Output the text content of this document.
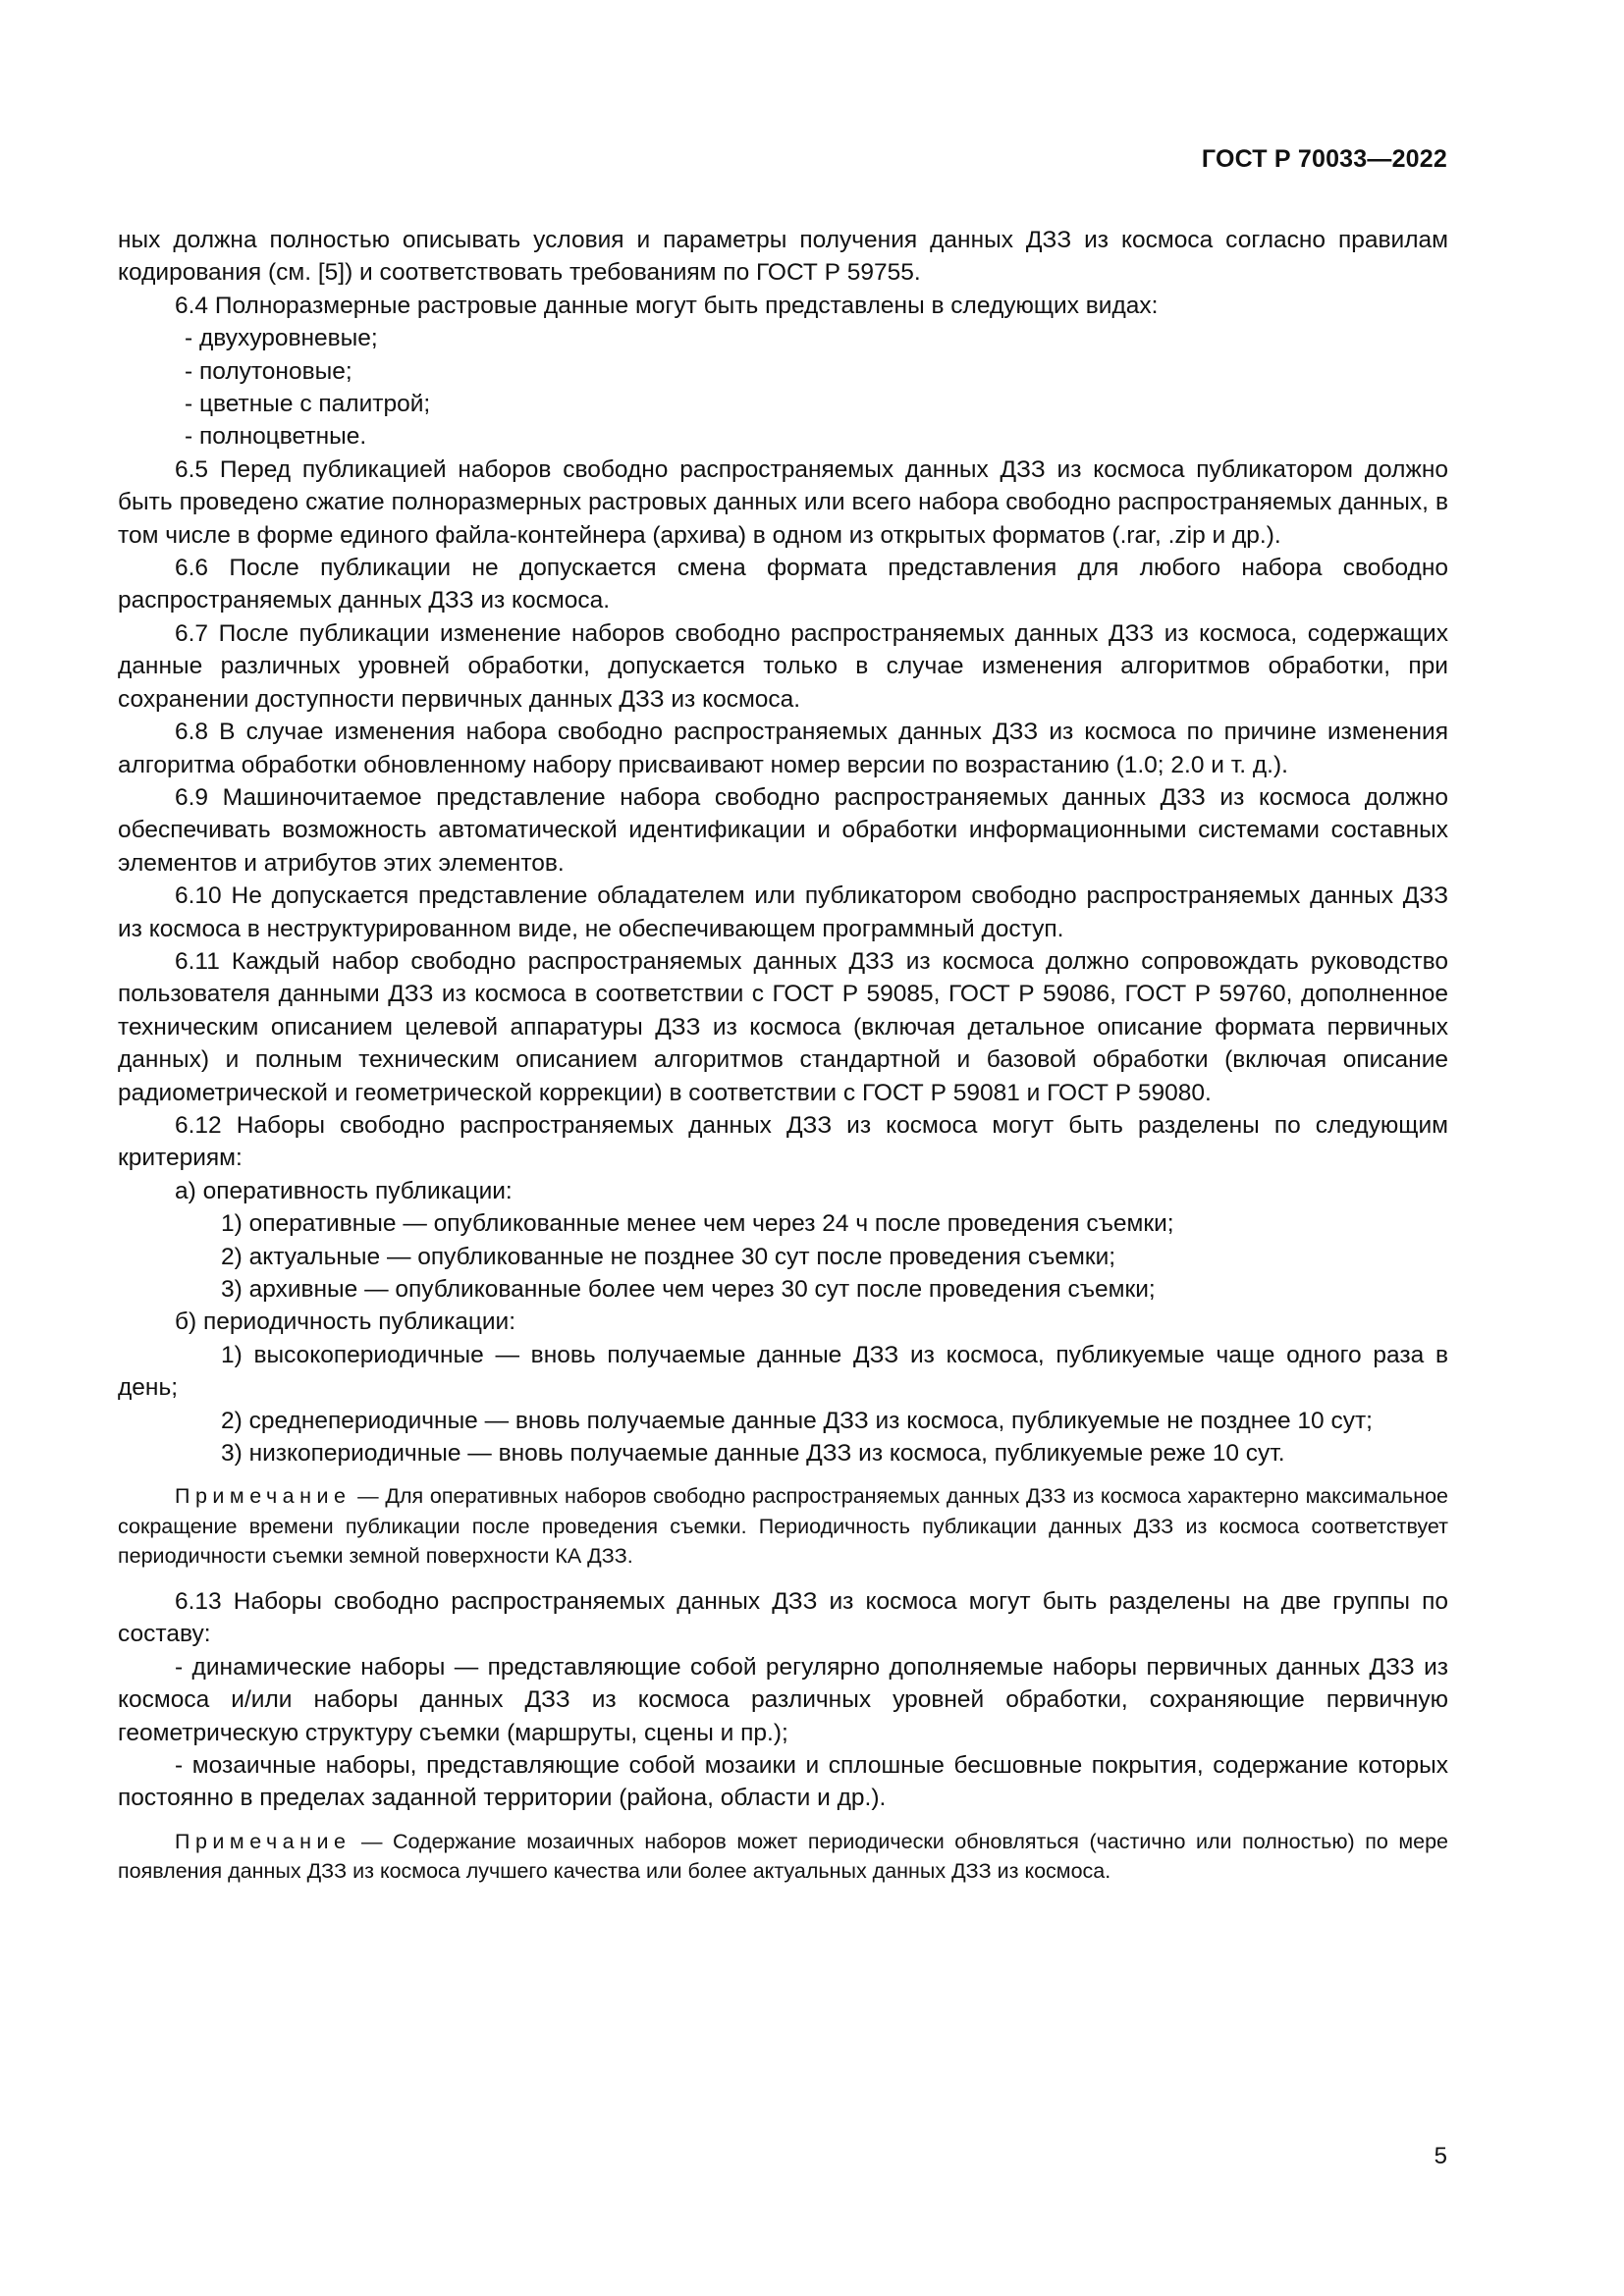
ГОСТ Р 70033—2022

ных должна полностью описывать условия и параметры получения данных ДЗЗ из космоса согласно правилам кодирования (см. [5]) и соответствовать требованиям по ГОСТ Р 59755.

6.4 Полноразмерные растровые данные могут быть представлены в следующих видах:

- двухуровневые;

- полутоновые;

- цветные с палитрой;

- полноцветные.

6.5 Перед публикацией наборов свободно распространяемых данных ДЗЗ из космоса публикатором должно быть проведено сжатие полноразмерных растровых данных или всего набора свободно распространяемых данных, в том числе в форме единого файла-контейнера (архива) в одном из открытых форматов (.rar, .zip и др.).

6.6 После публикации не допускается смена формата представления для любого набора свободно распространяемых данных ДЗЗ из космоса.

6.7 После публикации изменение наборов свободно распространяемых данных ДЗЗ из космоса, содержащих данные различных уровней обработки, допускается только в случае изменения алгоритмов обработки, при сохранении доступности первичных данных ДЗЗ из космоса.

6.8 В случае изменения набора свободно распространяемых данных ДЗЗ из космоса по причине изменения алгоритма обработки обновленному набору присваивают номер версии по возрастанию (1.0; 2.0 и т. д.).

6.9 Машиночитаемое представление набора свободно распространяемых данных ДЗЗ из космоса должно обеспечивать возможность автоматической идентификации и обработки информационными системами составных элементов и атрибутов этих элементов.

6.10 Не допускается представление обладателем или публикатором свободно распространяемых данных ДЗЗ из космоса в неструктурированном виде, не обеспечивающем программный доступ.

6.11 Каждый набор свободно распространяемых данных ДЗЗ из космоса должно сопровождать руководство пользователя данными ДЗЗ из космоса в соответствии с ГОСТ Р 59085, ГОСТ Р 59086, ГОСТ Р 59760, дополненное техническим описанием целевой аппаратуры ДЗЗ из космоса (включая детальное описание формата первичных данных) и полным техническим описанием алгоритмов стандартной и базовой обработки (включая описание радиометрической и геометрической коррекции) в соответствии с ГОСТ Р 59081 и ГОСТ Р 59080.

6.12 Наборы свободно распространяемых данных ДЗЗ из космоса могут быть разделены по следующим критериям:

а) оперативность публикации:

1) оперативные — опубликованные менее чем через 24 ч после проведения съемки;

2) актуальные — опубликованные не позднее 30 сут после проведения съемки;

3) архивные — опубликованные более чем через 30 сут после проведения съемки;

б) периодичность публикации:

1) высокопериодичные — вновь получаемые данные ДЗЗ из космоса, публикуемые чаще одного раза в день;

2) среднепериодичные — вновь получаемые данные ДЗЗ из космоса, публикуемые не позднее 10 сут;

3) низкопериодичные — вновь получаемые данные ДЗЗ из космоса, публикуемые реже 10 сут.

Примечание — Для оперативных наборов свободно распространяемых данных ДЗЗ из космоса характерно максимальное сокращение времени публикации после проведения съемки. Периодичность публикации данных ДЗЗ из космоса соответствует периодичности съемки земной поверхности КА ДЗЗ.

6.13 Наборы свободно распространяемых данных ДЗЗ из космоса могут быть разделены на две группы по составу:

- динамические наборы — представляющие собой регулярно дополняемые наборы первичных данных ДЗЗ из космоса и/или наборы данных ДЗЗ из космоса различных уровней обработки, сохраняющие первичную геометрическую структуру съемки (маршруты, сцены и пр.);

- мозаичные наборы, представляющие собой мозаики и сплошные бесшовные покрытия, содержание которых постоянно в пределах заданной территории (района, области и др.).

Примечание — Содержание мозаичных наборов может периодически обновляться (частично или полностью) по мере появления данных ДЗЗ из космоса лучшего качества или более актуальных данных ДЗЗ из космоса.

5
